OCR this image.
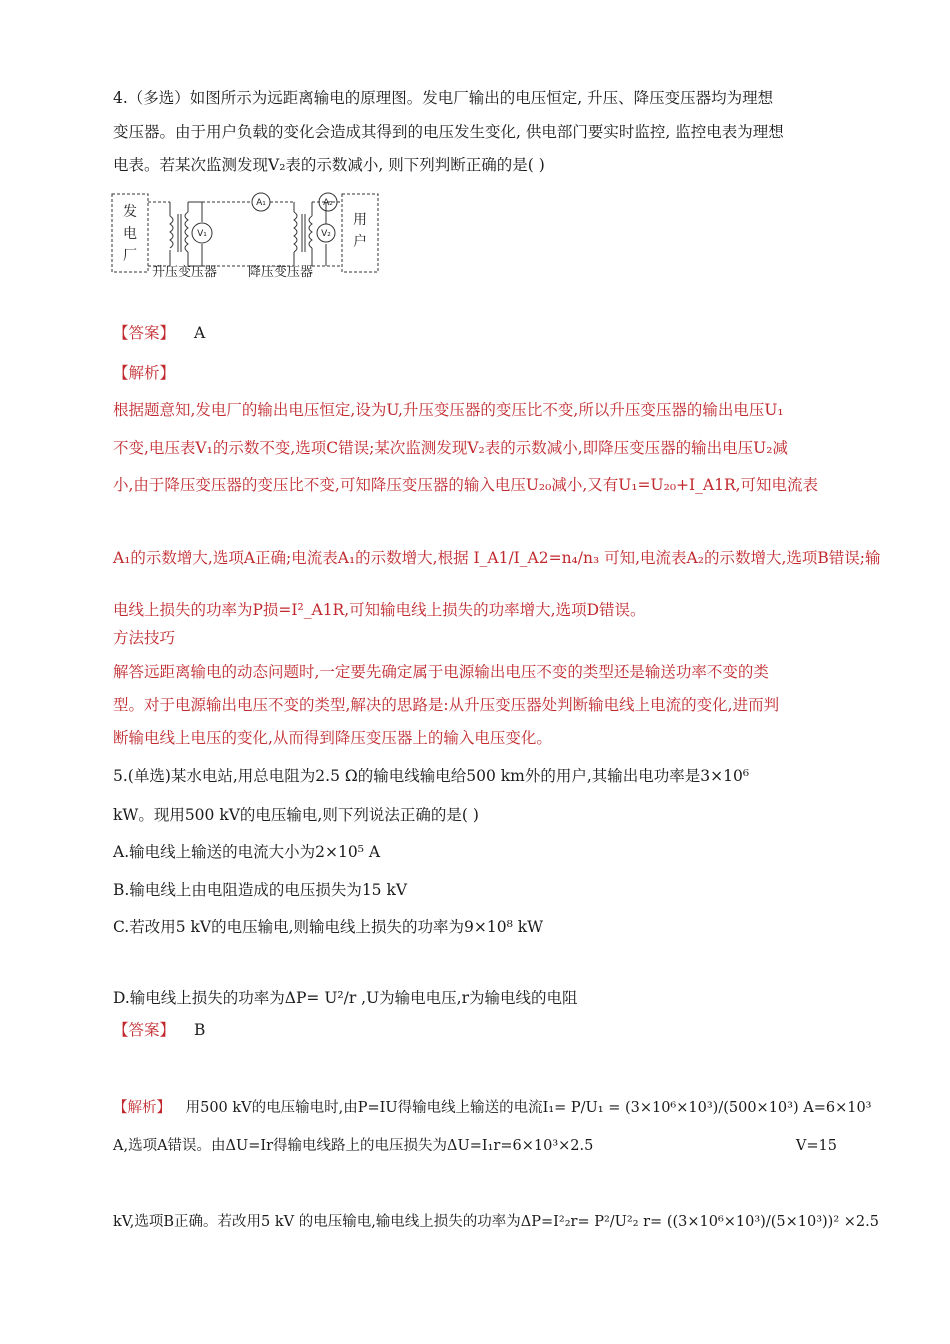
4.（多选）如图所示为远距离输电的原理图。发电厂输出的电压恒定, 升压、降压变压器均为理想
变压器。由于用户负载的变化会造成其得到的电压发生变化, 供电部门要实时监控, 监控电表为理想
电表。若某次监测发现V₂表的示数减小, 则下列判断正确的是( )
发
电
厂
用
户
V₁
A₁
V₂
A₂
升压变压器 降压变压器
【答案】 A
【解析】
根据题意知,发电厂的输出电压恒定,设为U,升压变压器的变压比不变,所以升压变压器的输出电压U₁
不变,电压表V₁的示数不变,选项C错误;某次监测发现V₂表的示数减小,即降压变压器的输出电压U₂减
小,由于降压变压器的变压比不变,可知降压变压器的输入电压U₂₀减小,又有U₁=U₂₀+I_A1R,可知电流表
A₁的示数增大,选项A正确;电流表A₁的示数增大,根据 I_A1/I_A2=n₄/n₃ 可知,电流表A₂的示数增大,选项B错误;输
电线上损失的功率为P损=I²_A1R,可知输电线上损失的功率增大,选项D错误。
方法技巧
解答远距离输电的动态问题时,一定要先确定属于电源输出电压不变的类型还是输送功率不变的类
型。对于电源输出电压不变的类型,解决的思路是:从升压变压器处判断输电线上电流的变化,进而判
断输电线上电压的变化,从而得到降压变压器上的输入电压变化。
5.(单选)某水电站,用总电阻为2.5 Ω的输电线输电给500 km外的用户,其输出电功率是3×10⁶
kW。现用500 kV的电压输电,则下列说法正确的是( )
A.输电线上输送的电流大小为2×10⁵ A
B.输电线上由电阻造成的电压损失为15 kV
C.若改用5 kV的电压输电,则输电线上损失的功率为9×10⁸ kW
D.输电线上损失的功率为ΔP= U²/r ,U为输电电压,r为输电线的电阻
【答案】 B
【解析】 用500 kV的电压输电时,由P=IU得输电线上输送的电流I₁= P/U₁ = (3×10⁶×10³)/(500×10³) A=6×10³
A,选项A错误。由ΔU=Ir得输电线路上的电压损失为ΔU=I₁r=6×10³×2.5	V=15
kV,选项B正确。若改用5 kV 的电压输电,输电线上损失的功率为ΔP=I²₂r= P²/U²₂ r= ((3×10⁶×10³)/(5×10³))² ×2.5
